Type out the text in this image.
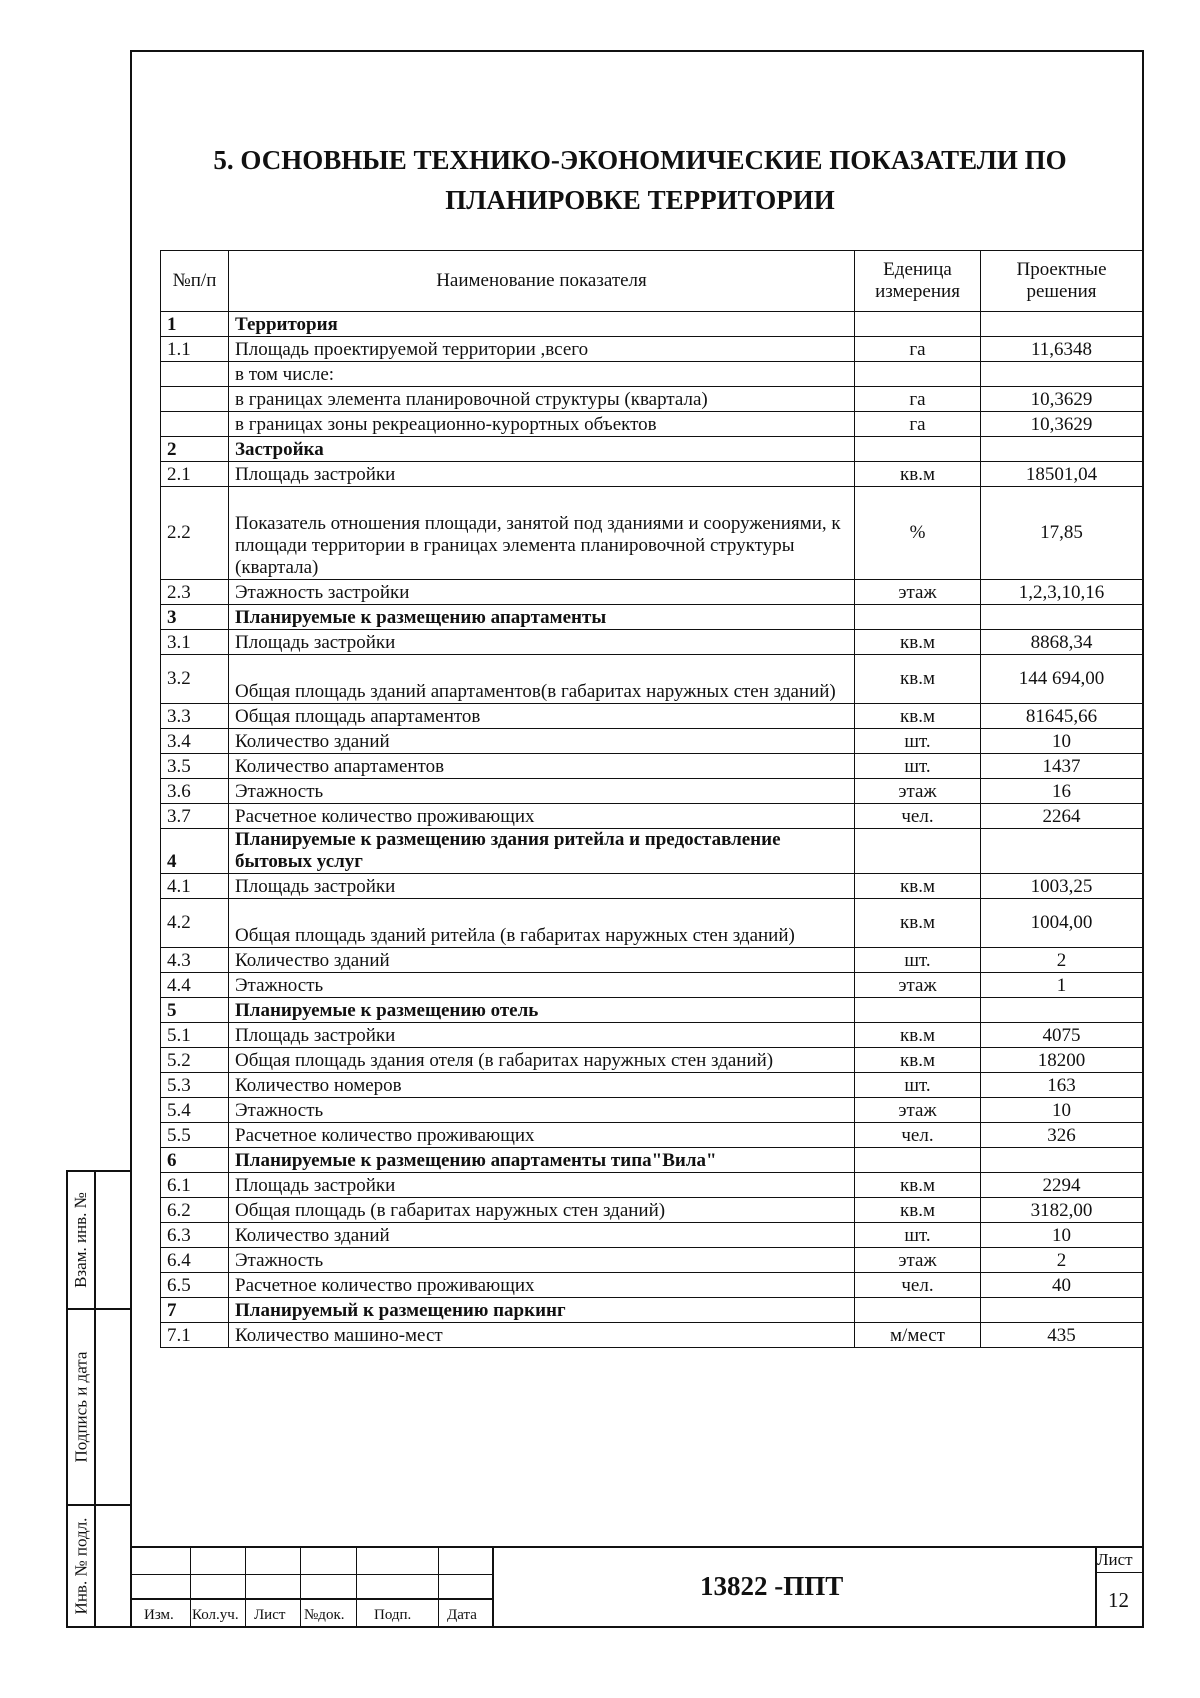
5. ОСНОВНЫЕ ТЕХНИКО-ЭКОНОМИЧЕСКИЕ ПОКАЗАТЕЛИ ПО
ПЛАНИРОВКЕ ТЕРРИТОРИИ
№п/п	Наименование показателя	Еденица измерения	Проектные решения
1	Территория		
1.1	Площадь проектируемой территории ,всего	га	11,6348
	в том числе:		
	в границах элемента планировочной структуры (квартала)	га	10,3629
	в границах зоны рекреационно-курортных объектов	га	10,3629
2	Застройка		
2.1	Площадь застройки	кв.м	18501,04
2.2	Показатель отношения площади, занятой под зданиями и сооружениями, к площади территории в границах элемента планировочной структуры (квартала)	%	17,85
2.3	Этажность застройки	этаж	1,2,3,10,16
3	Планируемые к размещению апартаменты		
3.1	Площадь застройки	кв.м	8868,34
3.2	Общая площадь зданий апартаментов(в габаритах наружных стен зданий)	кв.м	144 694,00
3.3	Общая площадь апартаментов	кв.м	81645,66
3.4	Количество зданий	шт.	10
3.5	Количество апартаментов	шт.	1437
3.6	Этажность	этаж	16
3.7	Расчетное количество проживающих	чел.	2264
4	Планируемые к размещению здания ритейла и предоставление бытовых услуг		
4.1	Площадь застройки	кв.м	1003,25
4.2	Общая площадь зданий ритейла (в габаритах наружных стен зданий)	кв.м	1004,00
4.3	Количество зданий	шт.	2
4.4	Этажность	этаж	1
5	Планируемые к размещению отель		
5.1	Площадь застройки	кв.м	4075
5.2	Общая площадь здания отеля (в габаритах наружных стен зданий)	кв.м	18200
5.3	Количество номеров	шт.	163
5.4	Этажность	этаж	10
5.5	Расчетное количество проживающих	чел.	326
6	Планируемые к размещению апартаменты типа"Вила"		
6.1	Площадь застройки	кв.м	2294
6.2	Общая площадь (в габаритах наружных стен зданий)	кв.м	3182,00
6.3	Количество зданий	шт.	10
6.4	Этажность	этаж	2
6.5	Расчетное количество проживающих	чел.	40
7	Планируемый к размещению паркинг		
7.1	Количество машино-мест	м/мест	435
Взам. инв. №
Подпись и дата
Инв. № подл.
Изм. Кол.уч. Лист №док. Подп. Дата
13822 -ППТ
Лист
12
